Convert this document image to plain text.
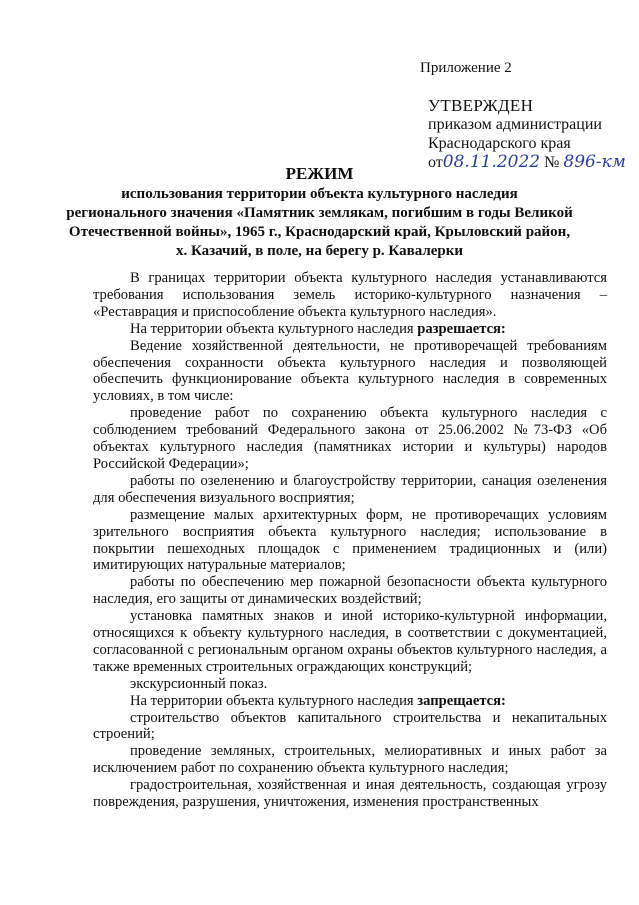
Приложение 2
УТВЕРЖДЕН
приказом администрации
Краснодарского края
от08.11.2022 № 896-км
РЕЖИМ
использования территории объекта культурного наследия
регионального значения «Памятник землякам, погибшим в годы Великой
Отечественной войны», 1965 г., Краснодарский край, Крыловский район,
х. Казачий, в поле, на берегу р. Кавалерки

В границах территории объекта культурного наследия устанавливаются требования использования земель историко-культурного назначения – «Реставрация и приспособление объекта культурного наследия».

На территории объекта культурного наследия разрешается:

Ведение хозяйственной деятельности, не противоречащей требованиям обеспечения сохранности объекта культурного наследия и позволяющей обеспечить функционирование объекта культурного наследия в современных условиях, в том числе:

проведение работ по сохранению объекта культурного наследия с соблюдением требований Федерального закона от 25.06.2002 №73-ФЗ «Об объектах культурного наследия (памятниках истории и культуры) народов Российской Федерации»;

работы по озеленению и благоустройству территории, санация озеленения для обеспечения визуального восприятия;

размещение малых архитектурных форм, не противоречащих условиям зрительного восприятия объекта культурного наследия; использование в покрытии пешеходных площадок с применением традиционных и (или) имитирующих натуральные материалов;

работы по обеспечению мер пожарной безопасности объекта культурного наследия, его защиты от динамических воздействий;

установка памятных знаков и иной историко-культурной информации, относящихся к объекту культурного наследия, в соответствии с документацией, согласованной с региональным органом охраны объектов культурного наследия, а также временных строительных ограждающих конструкций;

экскурсионный показ.

На территории объекта культурного наследия запрещается:

строительство объектов капитального строительства и некапитальных строений;

проведение земляных, строительных, мелиоративных и иных работ за исключением работ по сохранению объекта культурного наследия;

градостроительная, хозяйственная и иная деятельность, создающая угрозу повреждения, разрушения, уничтожения, изменения пространственных
